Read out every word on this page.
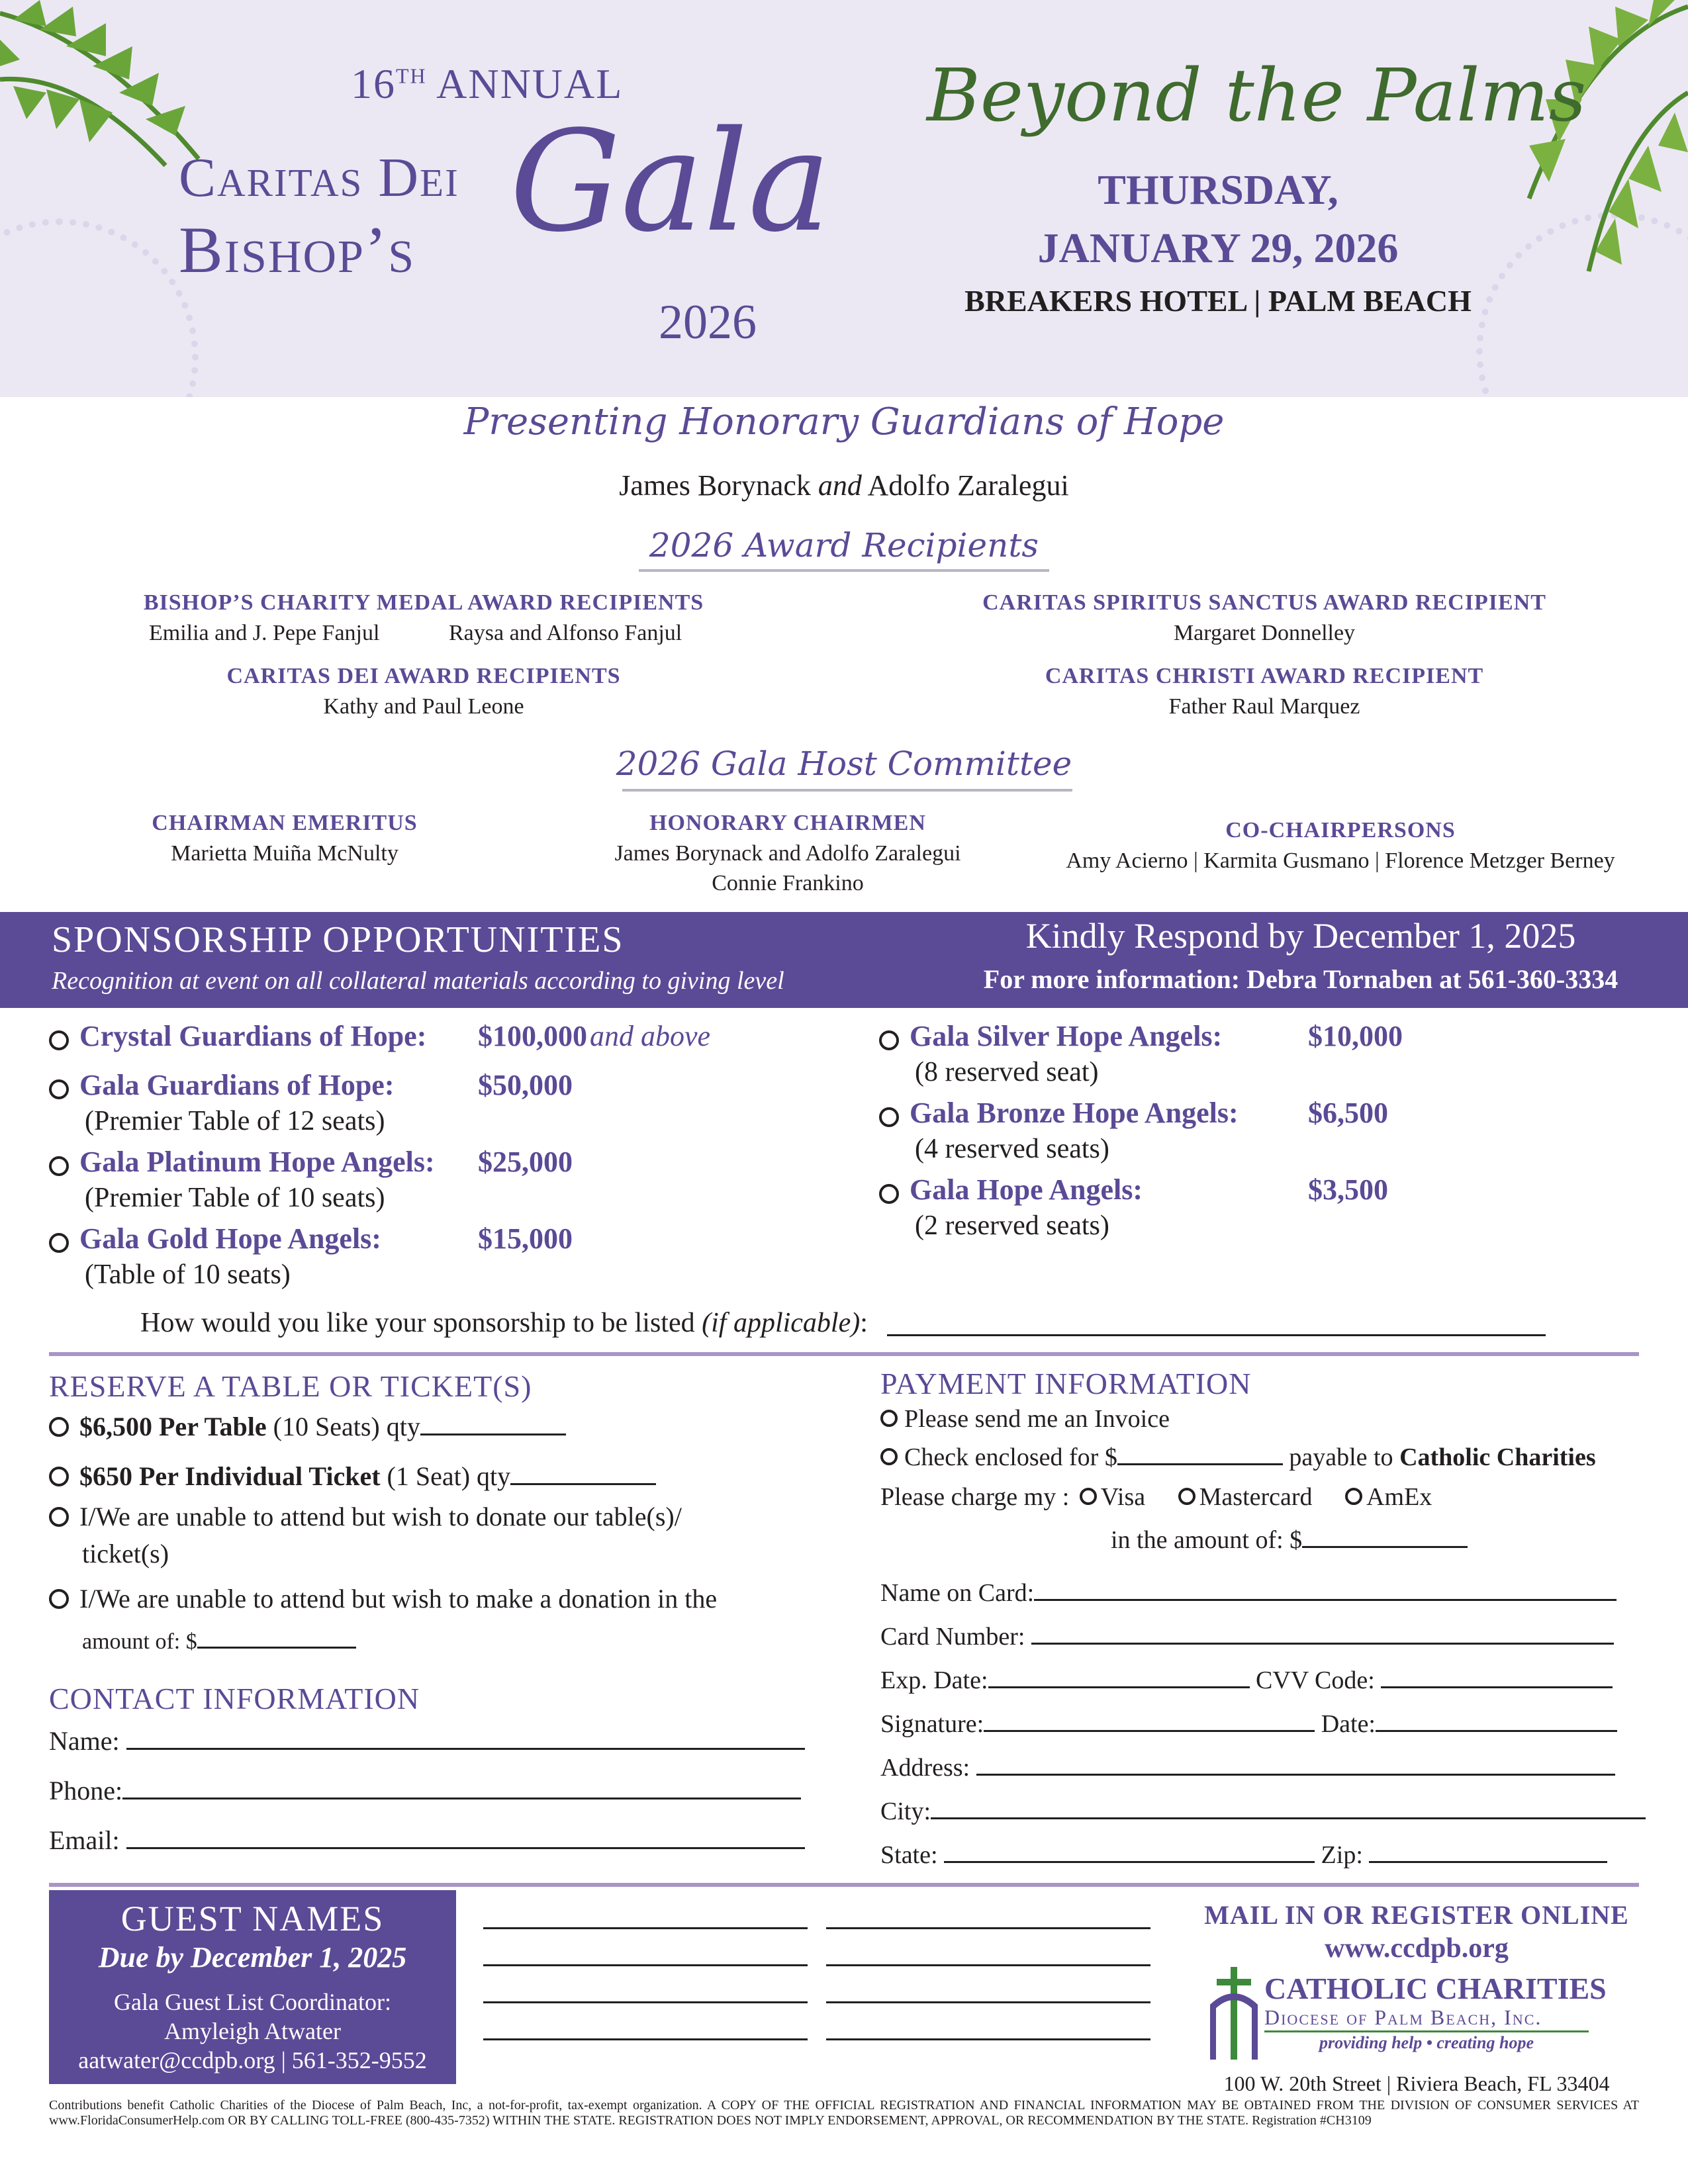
16TH ANNUAL
Caritas Dei
Bishop’s Gala
2026
Beyond the Palms
THURSDAY,
JANUARY 29, 2026
BREAKERS HOTEL | PALM BEACH
Presenting Honorary Guardians of Hope
James Borynack and Adolfo Zaralegui
2026 Award Recipients
BISHOP’S CHARITY MEDAL AWARD RECIPIENTS
Emilia and J. Pepe Fanjul	Raysa and Alfonso Fanjul
CARITAS SPIRITUS SANCTUS AWARD RECIPIENT
Margaret Donnelley
CARITAS DEI AWARD RECIPIENTS
Kathy and Paul Leone
CARITAS CHRISTI AWARD RECIPIENT
Father Raul Marquez
2026 Gala Host Committee
CHAIRMAN EMERITUS
Marietta Muiña McNulty
HONORARY CHAIRMEN
James Borynack and Adolfo Zaralegui
Connie Frankino
CO-CHAIRPERSONS
Amy Acierno | Karmita Gusmano | Florence Metzger Berney
SPONSORSHIP OPPORTUNITIES
Recognition at event on all collateral materials according to giving level
Kindly Respond by December 1, 2025
For more information: Debra Tornaben at 561-360-3334
Crystal Guardians of Hope: $100,000 and above
Gala Guardians of Hope:	$50,000
(Premier Table of 12 seats)
Gala Platinum Hope Angels: $25,000
(Premier Table of 10 seats)
Gala Gold Hope Angels:	$15,000
(Table of 10 seats)
Gala Silver Hope Angels:	$10,000
(8 reserved seat)
Gala Bronze Hope Angels: $6,500
(4 reserved seats)
Gala Hope Angels:	$3,500
(2 reserved seats)
How would you like your sponsorship to be listed (if applicable):
RESERVE A TABLE OR TICKET(S)
$6,500 Per Table (10 Seats) qty
$650 Per Individual Ticket (1 Seat) qty
I/We are unable to attend but wish to donate our table(s)/
ticket(s)
I/We are unable to attend but wish to make a donation in the
amount of: $
CONTACT INFORMATION
Name:
Phone:
Email:
PAYMENT INFORMATION
Please send me an Invoice
Check enclosed for $	payable to Catholic Charities
Please charge my : Visa Mastercard AmEx
in the amount of: $
Name on Card:
Card Number:
Exp. Date:	CVV Code:
Signature:	Date:
Address:
City:
State:	Zip:
GUEST NAMES
Due by December 1, 2025
Gala Guest List Coordinator:
Amyleigh Atwater
aatwater@ccdpb.org | 561-352-9552
MAIL IN OR REGISTER ONLINE
www.ccdpb.org
CATHOLIC CHARITIES
Diocese of Palm Beach, Inc.
providing help • creating hope
100 W. 20th Street | Riviera Beach, FL 33404
Contributions benefit Catholic Charities of the Diocese of Palm Beach, Inc, a not-for-profit, tax-exempt organization. A COPY OF THE OFFICIAL REGISTRATION AND FINANCIAL INFORMATION MAY BE OBTAINED FROM THE DIVISION OF CONSUMER SERVICES AT www.FloridaConsumerHelp.com OR BY CALLING TOLL-FREE (800-435-7352) WITHIN THE STATE. REGISTRATION DOES NOT IMPLY ENDORSEMENT, APPROVAL, OR RECOMMENDATION BY THE STATE. Registration #CH3109
